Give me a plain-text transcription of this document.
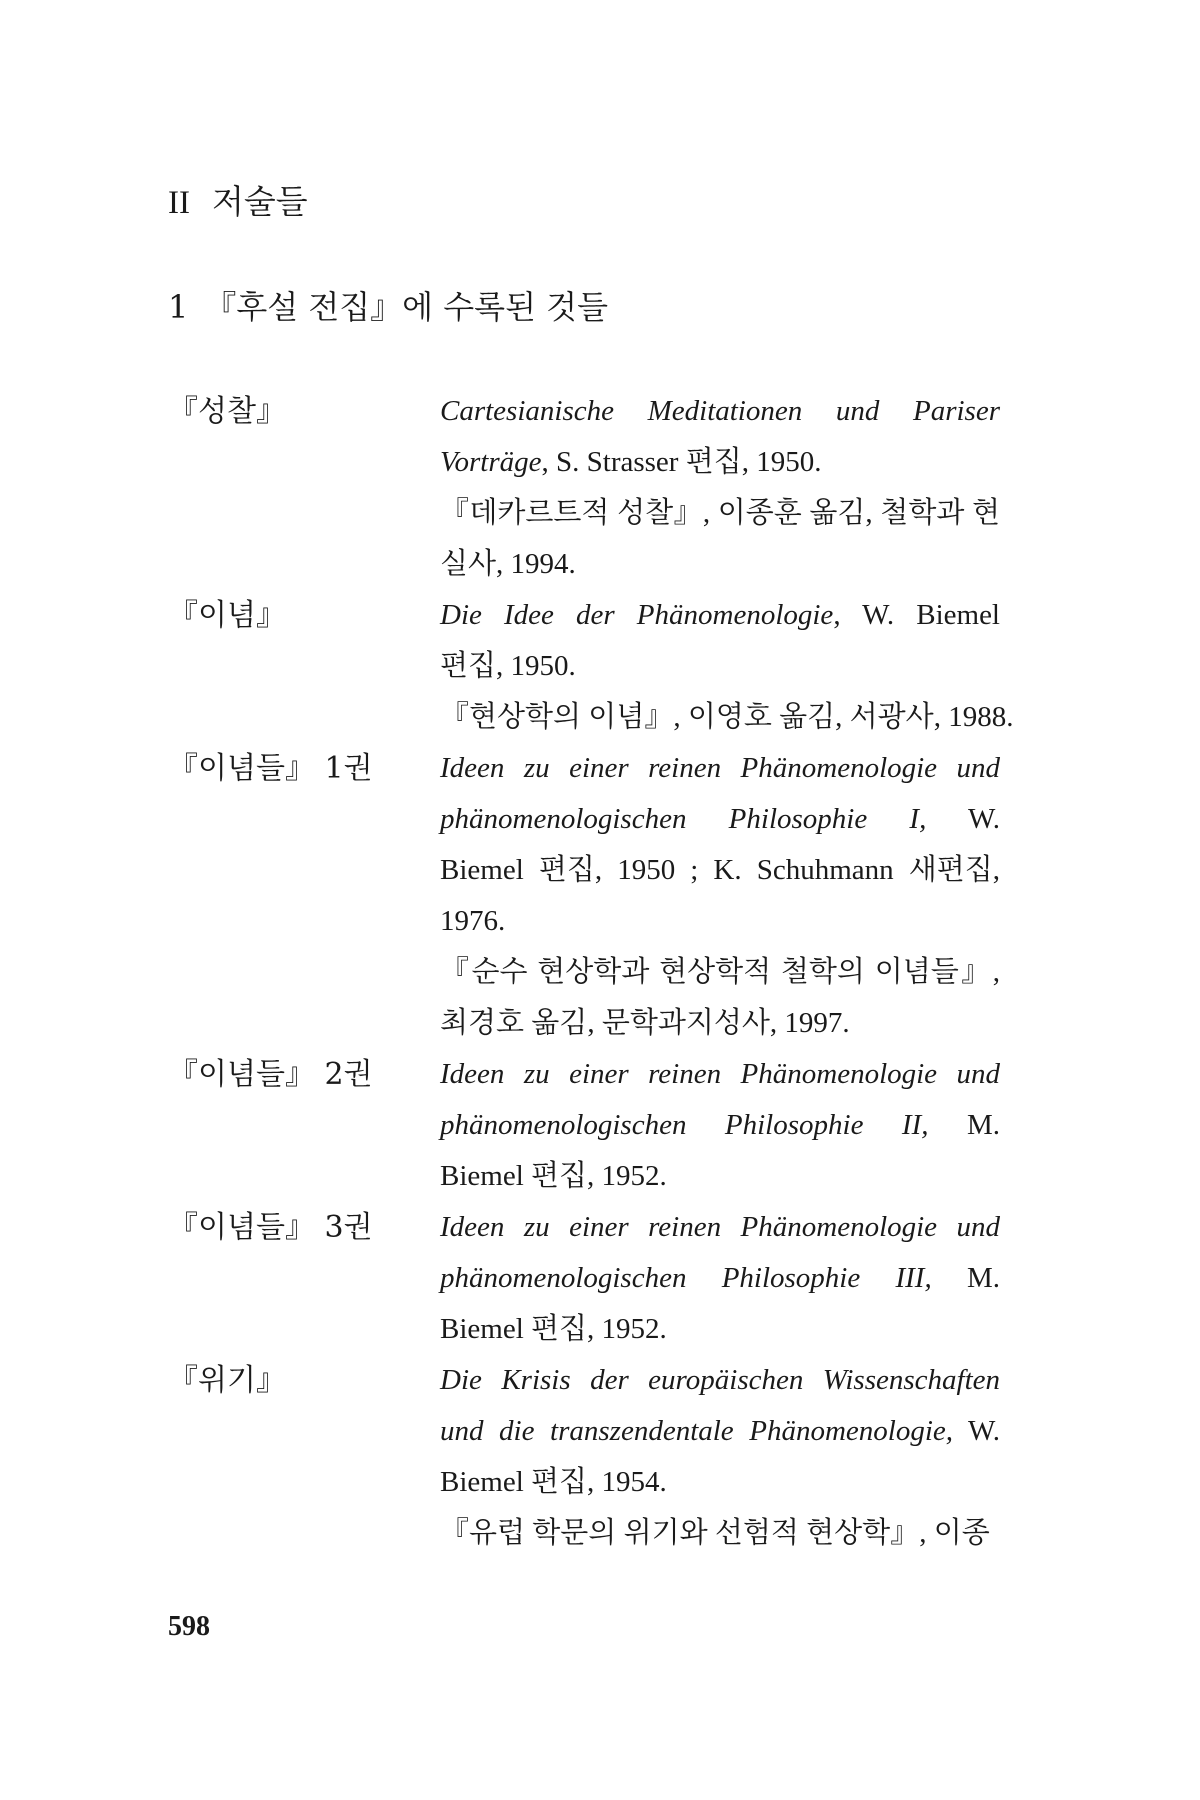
II 저술들
1 『후설 전집』에 수록된 것들
『성찰』	Cartesianische Meditationen und Pariser
Vorträge, S. Strasser 편집, 1950.
『데카르트적 성찰』, 이종훈 옮김, 철학과 현
실사, 1994.
『이념』	Die Idee der Phänomenologie, W. Biemel
편집, 1950.
『현상학의 이념』, 이영호 옮김, 서광사, 1988.
『이념들』 1권	Ideen zu einer reinen Phänomenologie und
phänomenologischen Philosophie I, W.
Biemel 편집, 1950 ; K. Schuhmann 새편집,
1976.
『순수 현상학과 현상학적 철학의 이념들』,
최경호 옮김, 문학과지성사, 1997.
『이념들』 2권	Ideen zu einer reinen Phänomenologie und
phänomenologischen Philosophie II, M.
Biemel 편집, 1952.
『이념들』 3권	Ideen zu einer reinen Phänomenologie und
phänomenologischen Philosophie III, M.
Biemel 편집, 1952.
『위기』	Die Krisis der europäischen Wissenschaften
und die transzendentale Phänomenologie, W.
Biemel 편집, 1954.
『유럽 학문의 위기와 선험적 현상학』, 이종
598
